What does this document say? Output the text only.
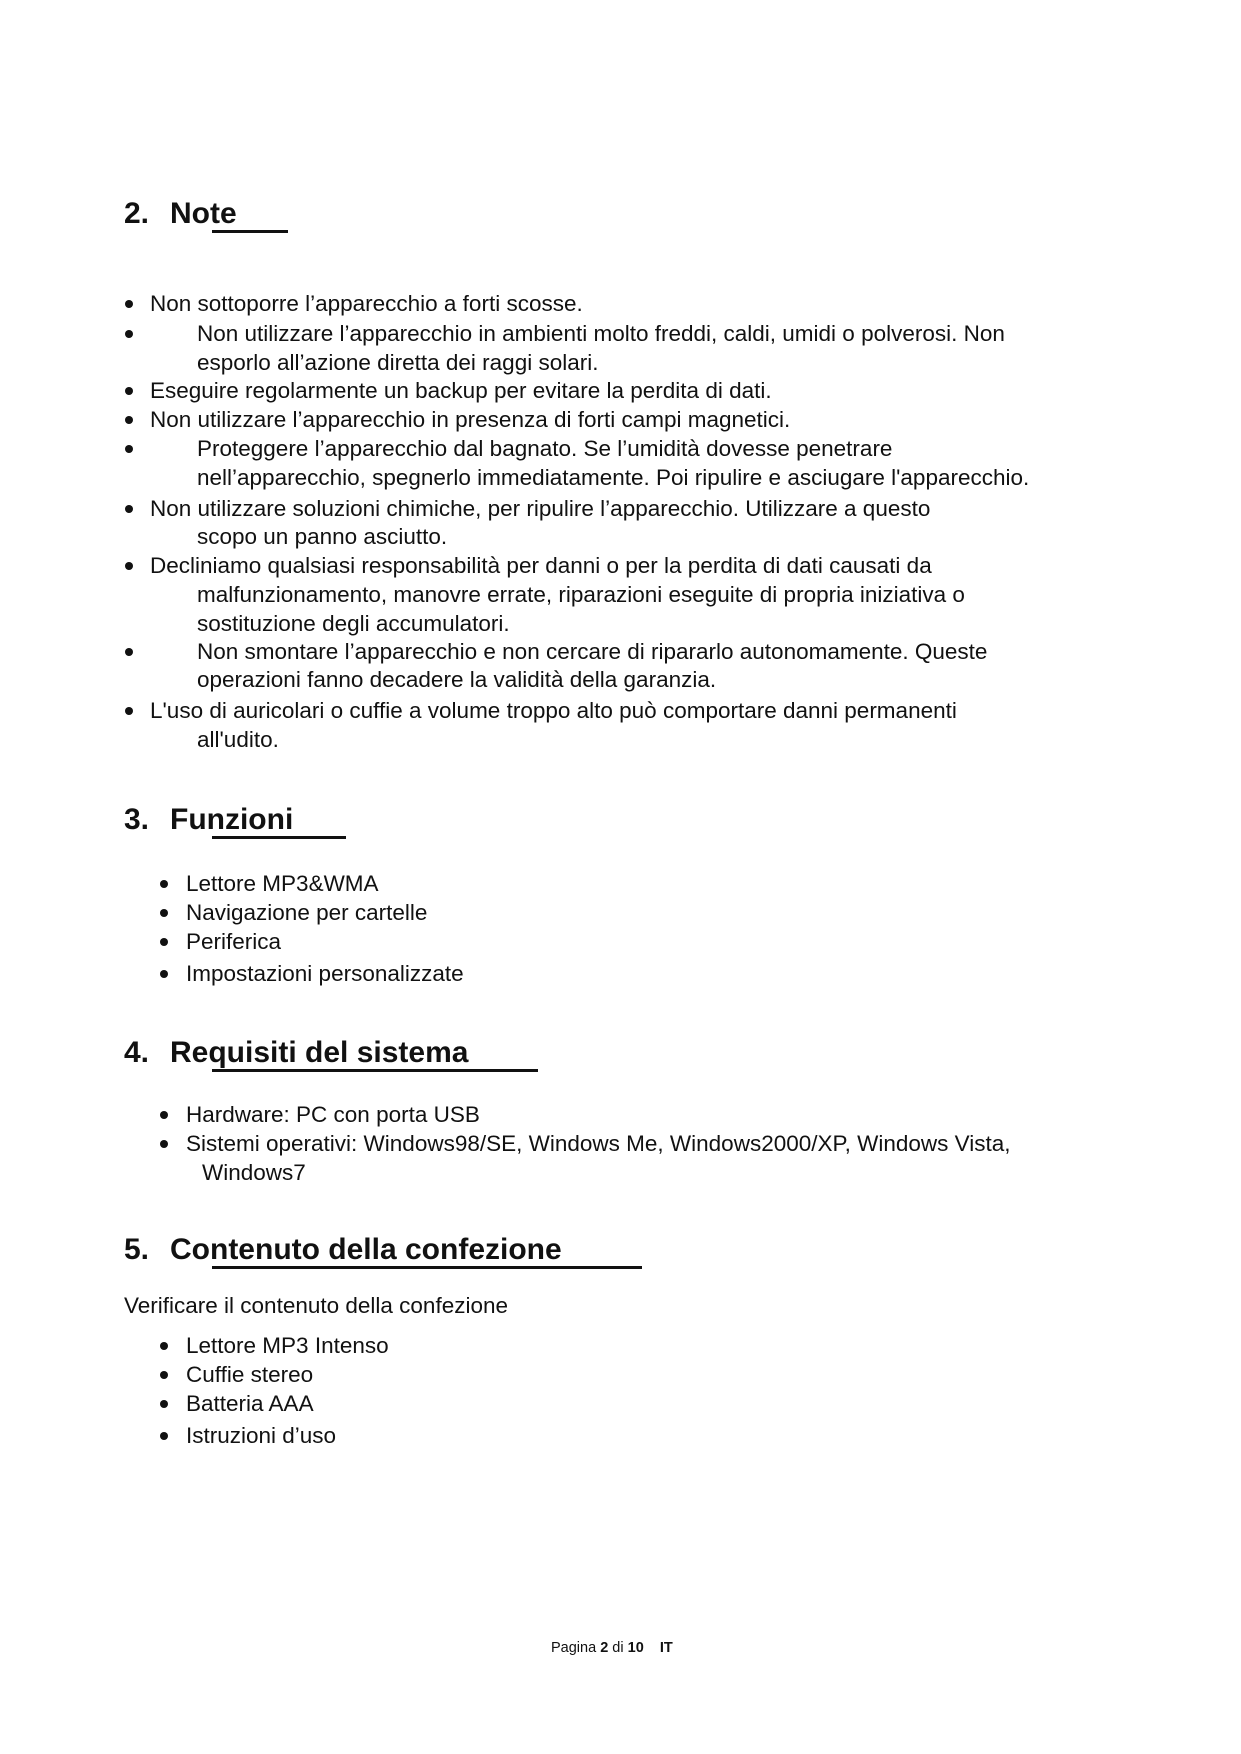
2. Note
Non sottoporre l’apparecchio a forti scosse.
Non utilizzare l’apparecchio in ambienti molto freddi, caldi, umidi o polverosi. Non
esporlo all’azione diretta dei raggi solari.
Eseguire regolarmente un backup per evitare la perdita di dati.
Non utilizzare l’apparecchio in presenza di forti campi magnetici.
Proteggere l’apparecchio dal bagnato. Se l’umidità dovesse penetrare
nell’apparecchio, spegnerlo immediatamente. Poi ripulire e asciugare l'apparecchio.
Non utilizzare soluzioni chimiche, per ripulire l’apparecchio. Utilizzare a questo
scopo un panno asciutto.
Decliniamo qualsiasi responsabilità per danni o per la perdita di dati causati da
malfunzionamento, manovre errate, riparazioni eseguite di propria iniziativa o
sostituzione degli accumulatori.
Non smontare l’apparecchio e non cercare di ripararlo autonomamente. Queste
operazioni fanno decadere la validità della garanzia.
L'uso di auricolari o cuffie a volume troppo alto può comportare danni permanenti
all'udito.
3. Funzioni
Lettore MP3&WMA
Navigazione per cartelle
Periferica
Impostazioni personalizzate
4. Requisiti del sistema
Hardware: PC con porta USB
Sistemi operativi: Windows98/SE, Windows Me, Windows2000/XP, Windows Vista,
Windows7
5. Contenuto della confezione
Verificare il contenuto della confezione
Lettore MP3 Intenso
Cuffie stereo
Batteria AAA
Istruzioni d’uso
Pagina 2 di 10 IT
